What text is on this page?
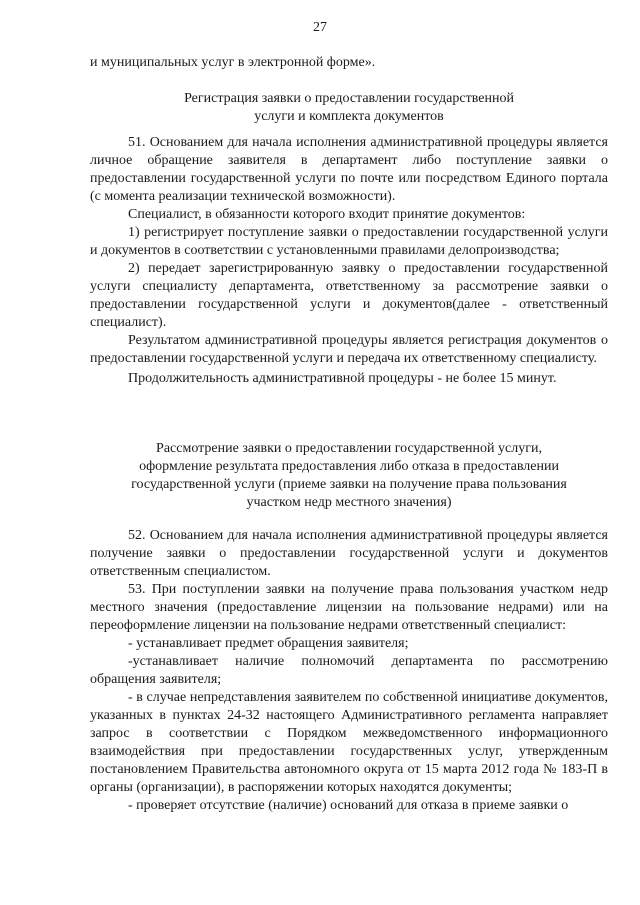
27

и муниципальных услуг в электронной форме».

Регистрация заявки о предоставлении государственной

услуги и комплекта документов

51. Основанием для начала исполнения административной процедуры является личное обращение заявителя в департамент либо поступление заявки о предоставлении государственной услуги по почте или посредством Единого портала (с момента реализации технической возможности).

Специалист, в обязанности которого входит принятие документов:

1) регистрирует поступление заявки о предоставлении государственной услуги и документов в соответствии с установленными правилами делопроизводства;

2) передает зарегистрированную заявку о предоставлении государственной услуги специалисту департамента, ответственному за рассмотрение заявки о предоставлении государственной услуги и документов(далее - ответственный специалист).

Результатом административной процедуры является регистрация документов о предоставлении государственной услуги и передача их ответственному специалисту.

Продолжительность административной процедуры - не более 15 минут.

Рассмотрение заявки о предоставлении государственной услуги,

оформление результата предоставления либо отказа в предоставлении

государственной услуги (приеме заявки на получение права пользования

участком недр местного значения)

52. Основанием для начала исполнения административной процедуры является получение заявки о предоставлении государственной услуги и документов ответственным специалистом.

53. При поступлении заявки на получение права пользования участком недр местного значения (предоставление лицензии на пользование недрами) или на переоформление лицензии на пользование недрами ответственный специалист:

- устанавливает предмет обращения заявителя;

-устанавливает наличие полномочий департамента по рассмотрению обращения заявителя;

- в случае непредставления заявителем по собственной инициативе документов, указанных в пунктах 24-32 настоящего Административного регламента направляет запрос в соответствии с Порядком межведомственного информационного взаимодействия при предоставлении государственных услуг, утвержденным постановлением Правительства автономного округа от 15 марта 2012 года № 183-П в органы (организации), в распоряжении которых находятся документы;

- проверяет отсутствие (наличие) оснований для отказа в приеме заявки о
